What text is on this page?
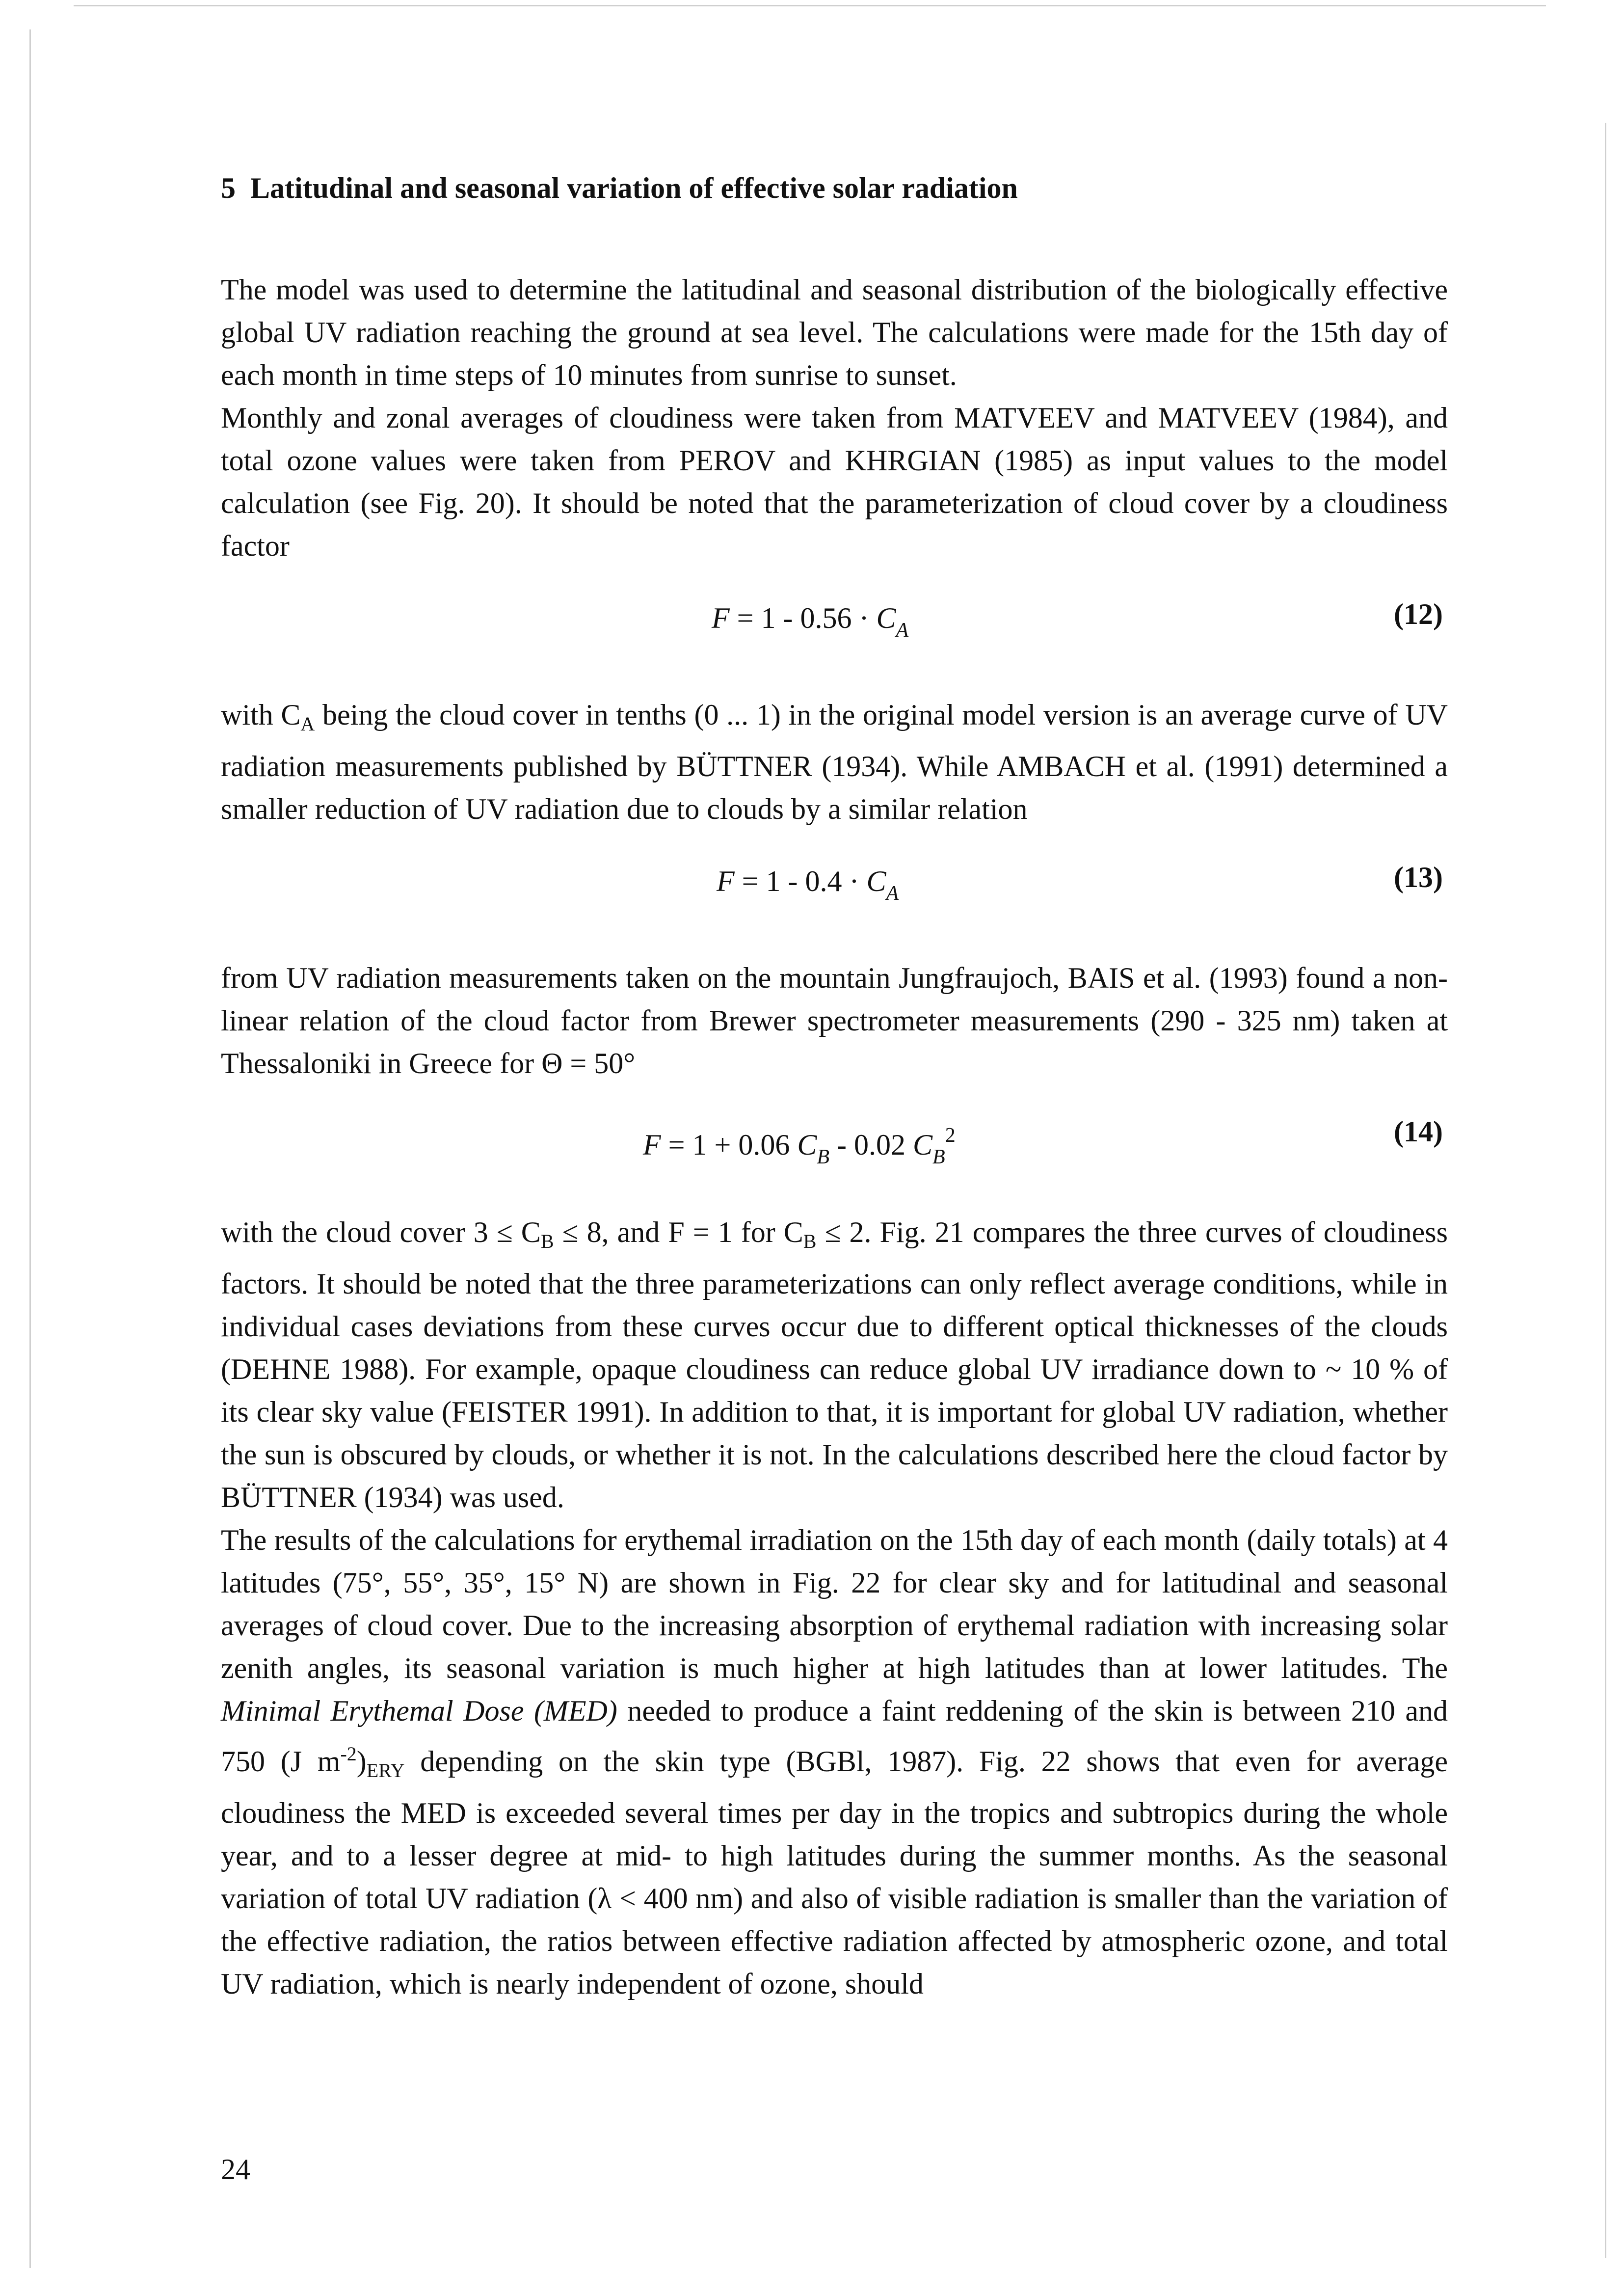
5 Latitudinal and seasonal variation of effective solar radiation

The model was used to determine the latitudinal and seasonal distribution of the biologically effective global UV radiation reaching the ground at sea level. The calculations were made for the 15th day of each month in time steps of 10 minutes from sunrise to sunset.

Monthly and zonal averages of cloudiness were taken from MATVEEV and MATVEEV (1984), and total ozone values were taken from PEROV and KHRGIAN (1985) as input values to the model calculation (see Fig. 20). It should be noted that the parameterization of cloud cover by a cloudiness factor

$F = 1 - 0.56 \cdot C_A$	(12)

with $C_A$ being the cloud cover in tenths (0 ... 1) in the original model version is an average curve of UV radiation measurements published by BÜTTNER (1934). While AMBACH et al. (1991) determined a smaller reduction of UV radiation due to clouds by a similar relation

$F = 1 - 0.4 \cdot C_A$	(13)

from UV radiation measurements taken on the mountain Jungfraujoch, BAIS et al. (1993) found a non-linear relation of the cloud factor from Brewer spectrometer measurements (290 - 325 nm) taken at Thessaloniki in Greece for Θ = 50°

F = 1 + 0.06 $C_B - 0.02$ $C_B^2$	(14)

with the cloud cover $3 \le C_B \le 8$, and F = 1 for $C_B \le 2$. Fig. 21 compares the three curves of cloudiness factors. It should be noted that the three parameterizations can only reflect average conditions, while in individual cases deviations from these curves occur due to different optical thicknesses of the clouds (DEHNE 1988). For example, opaque cloudiness can reduce global UV irradiance down to ~ 10 % of its clear sky value (FEISTER 1991). In addition to that, it is important for global UV radiation, whether the sun is obscured by clouds, or whether it is not. In the calculations described here the cloud factor by BÜTTNER (1934) was used.

The results of the calculations for erythemal irradiation on the 15th day of each month (daily totals) at 4 latitudes (75°, 55°, 35°, 15° N) are shown in Fig. 22 for clear sky and for latitudinal and seasonal averages of cloud cover. Due to the increasing absorption of erythemal radiation with increasing solar zenith angles, its seasonal variation is much higher at high latitudes than at lower latitudes. The Minimal Erythemal Dose (MED) needed to produce a faint reddening of the skin is between 210 and 750 (J $m^{-2})_{ERY}$ depending on the skin type (BGBl, 1987). Fig. 22 shows that even for average cloudiness the MED is exceeded several times per day in the tropics and subtropics during the whole year, and to a lesser degree at mid- to high latitudes during the summer months. As the seasonal variation of total UV radiation (λ < 400 nm) and also of visible radiation is smaller than the variation of the effective radiation, the ratios between effective radiation affected by atmospheric ozone, and total UV radiation, which is nearly independent of ozone, should

24
